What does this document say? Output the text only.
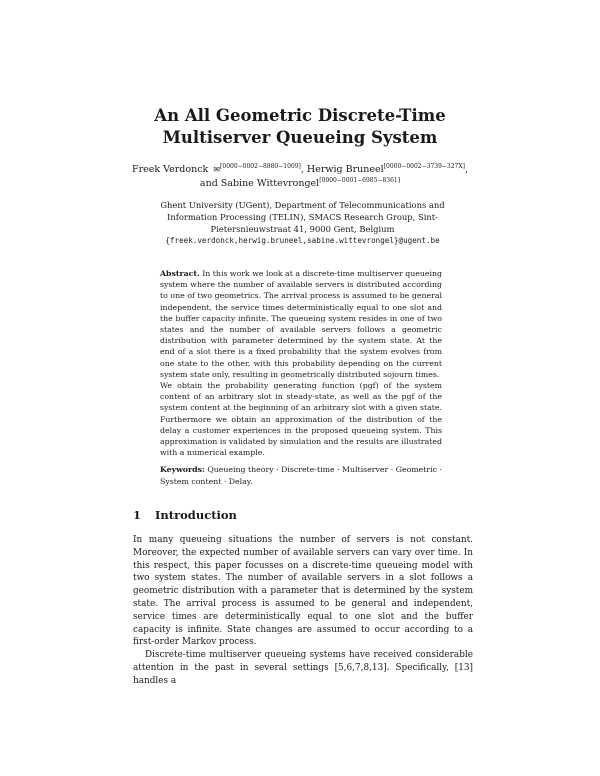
An All Geometric Discrete-Time Multiserver Queueing System
Freek Verdonck ✉[0000−0002−8880−1009], Herwig Bruneel[0000−0002−3739−327X],
and Sabine Wittevrongel[0000−0001−6985−8361]
Ghent University (UGent), Department of Telecommunications and Information Processing (TELIN), SMACS Research Group, Sint-Pietersnieuwstraat 41, 9000 Gent, Belgium
{freek.verdonck,herwig.bruneel,sabine.wittevrongel}@ugent.be

Abstract. In this work we look at a discrete-time multiserver queueing system where the number of available servers is distributed according to one of two geometrics. The arrival process is assumed to be general independent, the service times deterministically equal to one slot and the buffer capacity infinite. The queueing system resides in one of two states and the number of available servers follows a geometric distribution with parameter determined by the system state. At the end of a slot there is a fixed probability that the system evolves from one state to the other, with this probability depending on the current system state only, resulting in geometrically distributed sojourn times.

We obtain the probability generating function (pgf) of the system content of an arbitrary slot in steady-state, as well as the pgf of the system content at the beginning of an arbitrary slot with a given state. Furthermore we obtain an approximation of the distribution of the delay a customer experiences in the proposed queueing system. This approximation is validated by simulation and the results are illustrated with a numerical example.

Keywords: Queueing theory · Discrete-time · Multiserver · Geometric · System content · Delay.
1 Introduction

In many queueing situations the number of servers is not constant. Moreover, the expected number of available servers can vary over time. In this respect, this paper focusses on a discrete-time queueing model with two system states. The number of available servers in a slot follows a geometric distribution with a parameter that is determined by the system state. The arrival process is assumed to be general and independent, service times are deterministically equal to one slot and the buffer capacity is infinite. State changes are assumed to occur according to a first-order Markov process.

Discrete-time multiserver queueing systems have received considerable attention in the past in several settings [5,6,7,8,13]. Specifically, [13] handles a
